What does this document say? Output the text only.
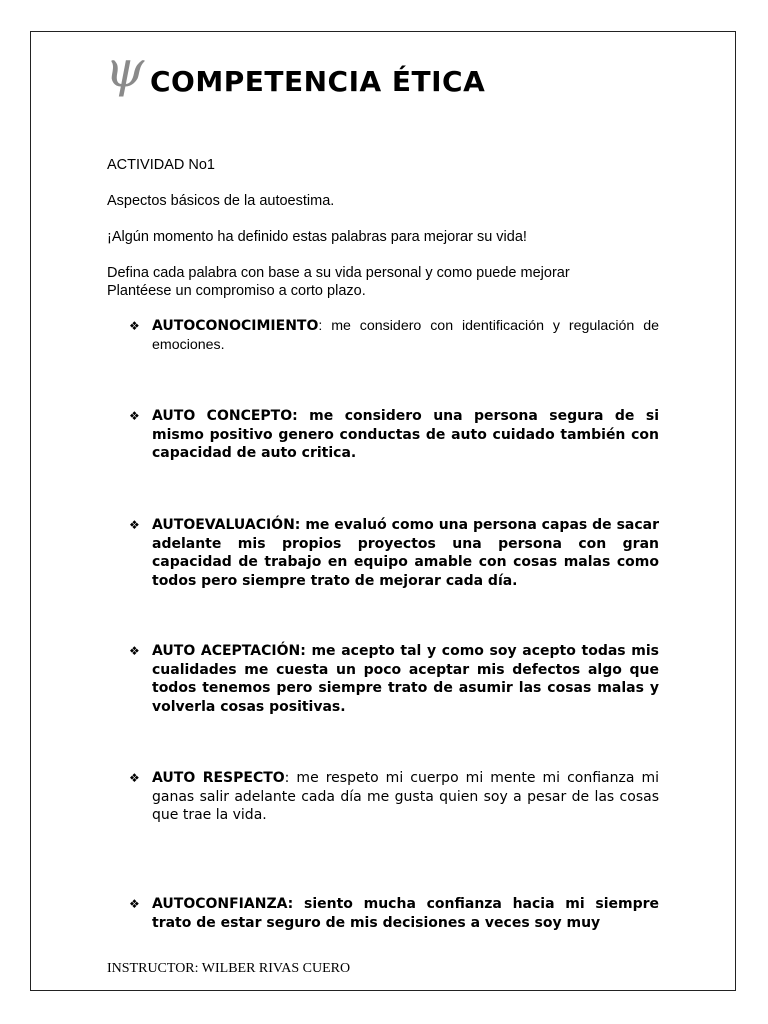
ψ COMPETENCIA ÉTICA
ACTIVIDAD No1
Aspectos básicos de la autoestima.
¡Algún momento ha definido estas palabras para mejorar su vida!
Defina cada palabra con base a su vida personal y como puede mejorar
Plantéese un compromiso a corto plazo.
❖ AUTOCONOCIMIENTO: me considero con identificación y regulación de emociones.
❖ AUTO CONCEPTO: me considero una persona segura de si mismo positivo genero conductas de auto cuidado también con capacidad de auto critica.
❖ AUTOEVALUACIÓN: me evaluó como una persona capas de sacar adelante mis propios proyectos una persona con gran capacidad de trabajo en equipo amable con cosas malas como todos pero siempre trato de mejorar cada día.
❖ AUTO ACEPTACIÓN: me acepto tal y como soy acepto todas mis cualidades me cuesta un poco aceptar mis defectos algo que todos tenemos pero siempre trato de asumir las cosas malas y volverla cosas positivas.
❖ AUTO RESPECTO: me respeto mi cuerpo mi mente mi confianza mi ganas salir adelante cada día me gusta quien soy a pesar de las cosas que trae la vida.
❖ AUTOCONFIANZA: siento mucha confianza hacia mi siempre trato de estar seguro de mis decisiones a veces soy muy
INSTRUCTOR: WILBER RIVAS CUERO
